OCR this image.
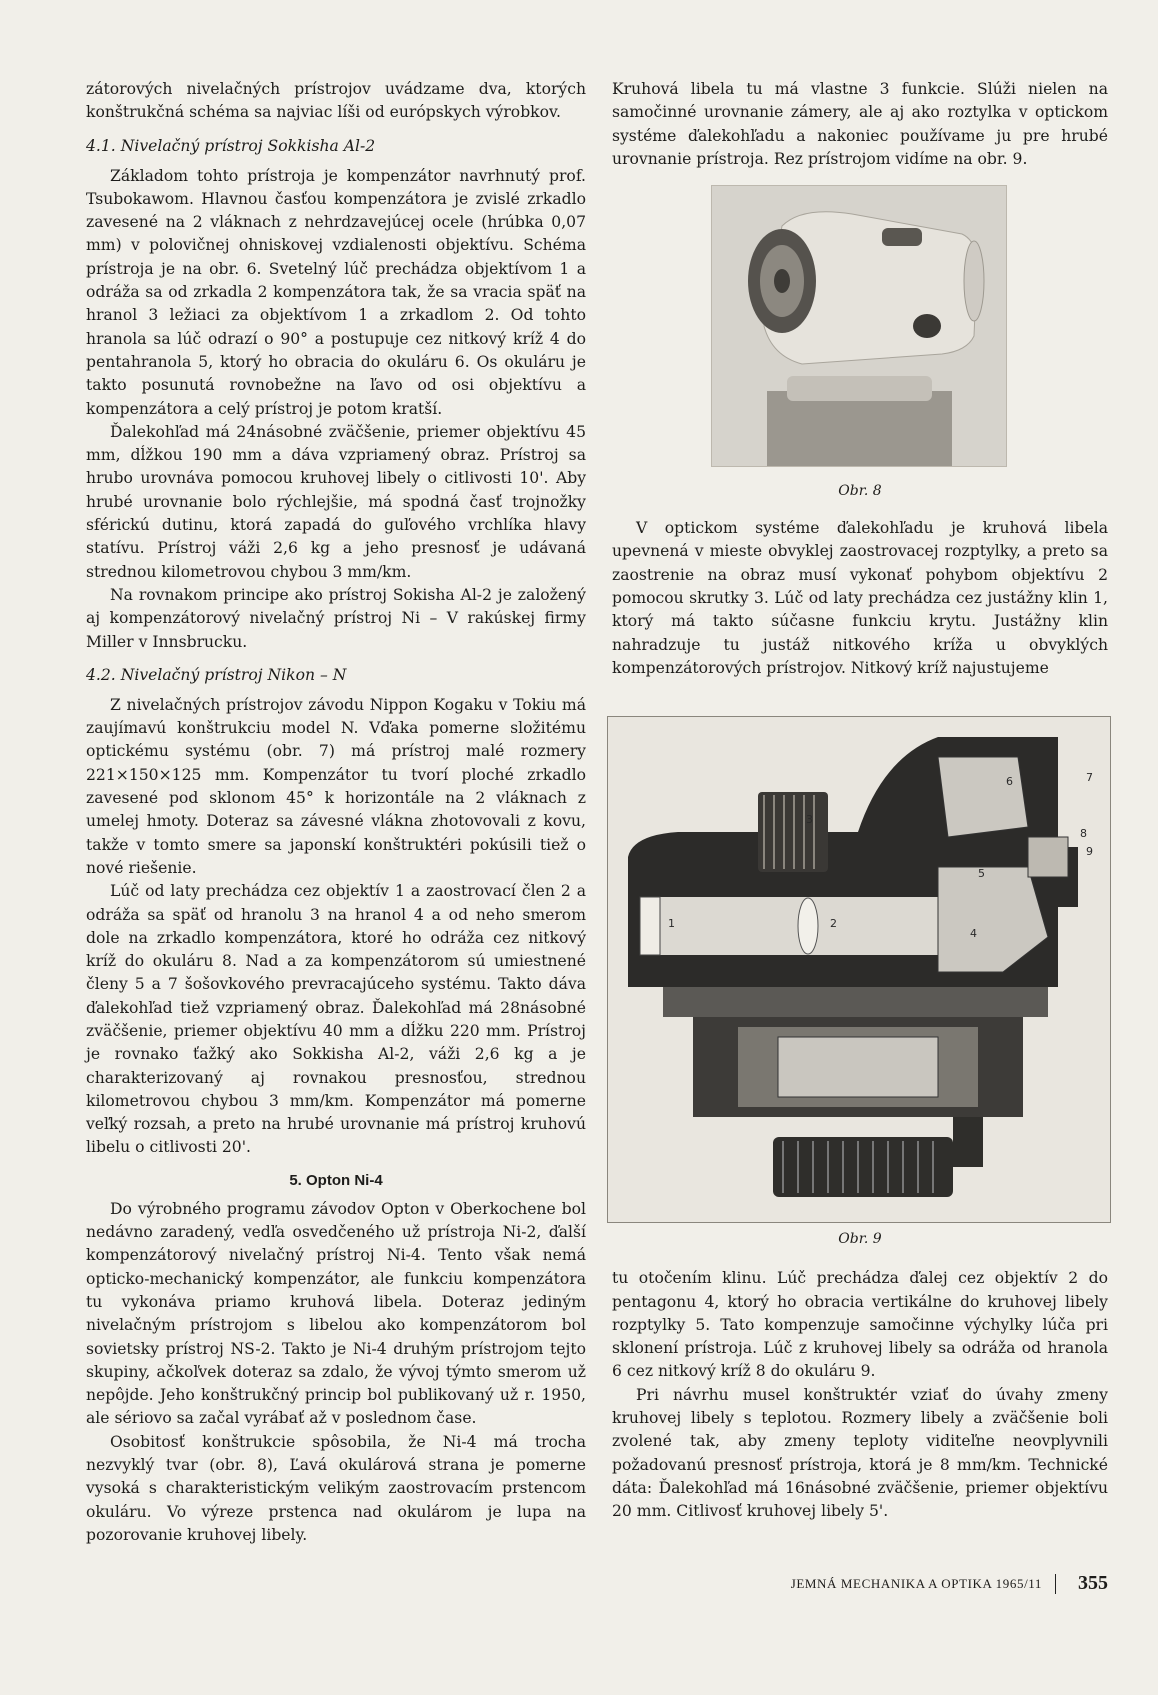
zátorových nivelačných prístrojov uvádzame dva, ktorých konštrukčná schéma sa najviac líši od európskych výrobkov.

4.1. Nivelačný prístroj Sokkisha Al-2

Základom tohto prístroja je kompenzátor navrhnutý prof. Tsubokawom. Hlavnou časťou kompenzátora je zvislé zrkadlo zavesené na 2 vláknach z nehrdzavejúcej ocele (hrúbka 0,07 mm) v polovičnej ohniskovej vzdialenosti objektívu. Schéma prístroja je na obr. 6. Svetelný lúč prechádza objektívom 1 a odráža sa od zrkadla 2 kompenzátora tak, že sa vracia späť na hranol 3 ležiaci za objektívom 1 a zrkadlom 2. Od tohto hranola sa lúč odrazí o 90° a postupuje cez nitkový kríž 4 do pentahranola 5, ktorý ho obracia do okuláru 6. Os okuláru je takto posunutá rovnobežne na ľavo od osi objektívu a kompenzátora a celý prístroj je potom kratší.

Ďalekohľad má 24násobné zväčšenie, priemer objektívu 45 mm, dĺžkou 190 mm a dáva vzpriamený obraz. Prístroj sa hrubo urovnáva pomocou kruhovej libely o citlivosti 10'. Aby hrubé urovnanie bolo rýchlejšie, má spodná časť trojnožky sférickú dutinu, ktorá zapadá do guľového vrchlíka hlavy statívu. Prístroj váži 2,6 kg a jeho presnosť je udávaná strednou kilometrovou chybou 3 mm/km.

Na rovnakom principe ako prístroj Sokisha Al-2 je založený aj kompenzátorový nivelačný prístroj Ni – V rakúskej firmy Miller v Innsbrucku.

4.2. Nivelačný prístroj Nikon – N

Z nivelačných prístrojov závodu Nippon Kogaku v Tokiu má zaujímavú konštrukciu model N. Vďaka pomerne složitému optickému systému (obr. 7) má prístroj malé rozmery 221×150×125 mm. Kompenzátor tu tvorí ploché zrkadlo zavesené pod sklonom 45° k horizontále na 2 vláknach z umelej hmoty. Doteraz sa závesné vlákna zhotovovali z kovu, takže v tomto smere sa japonskí konštruktéri pokúsili tiež o nové riešenie.

Lúč od laty prechádza cez objektív 1 a zaostrovací člen 2 a odráža sa späť od hranolu 3 na hranol 4 a od neho smerom dole na zrkadlo kompenzátora, ktoré ho odráža cez nitkový kríž do okuláru 8. Nad a za kompenzátorom sú umiestnené členy 5 a 7 šošovkového prevracajúceho systému. Takto dáva ďalekohľad tiež vzpriamený obraz. Ďalekohľad má 28násobné zväčšenie, priemer objektívu 40 mm a dĺžku 220 mm. Prístroj je rovnako ťažký ako Sokkisha Al-2, váži 2,6 kg a je charakterizovaný aj rovnakou presnosťou, strednou kilometrovou chybou 3 mm/km. Kompenzátor má pomerne veľký rozsah, a preto na hrubé urovnanie má prístroj kruhovú libelu o citlivosti 20'.

5. Opton Ni-4

Do výrobného programu závodov Opton v Oberkochene bol nedávno zaradený, vedľa osvedčeného už prístroja Ni-2, ďalší kompenzátorový nivelačný prístroj Ni-4. Tento však nemá opticko-mechanický kompenzátor, ale funkciu kompenzátora tu vykonáva priamo kruhová libela. Doteraz jediným nivelačným prístrojom s libelou ako kompenzátorom bol sovietsky prístroj NS-2. Takto je Ni-4 druhým prístrojom tejto skupiny, ačkoľvek doteraz sa zdalo, že vývoj týmto smerom už nepôjde. Jeho konštrukčný princip bol publikovaný už r. 1950, ale sériovo sa začal vyrábať až v poslednom čase.

Osobitosť konštrukcie spôsobila, že Ni-4 má trocha nezvyklý tvar (obr. 8), Ľavá okulárová strana je pomerne vysoká s charakteristickým velikým zaostrovacím prstencom okuláru. Vo výreze prstenca nad okulárom je lupa na pozorovanie kruhovej libely.

Kruhová libela tu má vlastne 3 funkcie. Slúži nielen na samočinné urovnanie zámery, ale aj ako roztylka v optickom systéme ďalekohľadu a nakoniec používame ju pre hrubé urovnanie prístroja. Rez prístrojom vidíme na obr. 9.

Obr. 8

V optickom systéme ďalekohľadu je kruhová libela upevnená v mieste obvyklej zaostrovacej rozptylky, a preto sa zaostrenie na obraz musí vykonať pohybom objektívu 2 pomocou skrutky 3. Lúč od laty prechádza cez justážny klin 1, ktorý má takto súčasne funkciu krytu. Justážny klin nahradzuje tu justáž nitkového kríža u obvyklých kompenzátorových prístrojov. Nitkový kríž najustujeme

1	2
3
4
5
6	7
8
9
Obr. 9

tu otočením klinu. Lúč prechádza ďalej cez objektív 2 do pentagonu 4, ktorý ho obracia vertikálne do kruhovej libely rozptylky 5. Tato kompenzuje samočinne výchylky lúča pri sklonení prístroja. Lúč z kruhovej libely sa odráža od hranola 6 cez nitkový kríž 8 do okuláru 9.

Pri návrhu musel konštruktér vziať do úvahy zmeny kruhovej libely s teplotou. Rozmery libely a zväčšenie boli zvolené tak, aby zmeny teploty viditeľne neovplyvnili požadovanú presnosť prístroja, ktorá je 8 mm/km. Technické dáta: Ďalekohľad má 16násobné zväčšenie, priemer objektívu 20 mm. Citlivosť kruhovej libely 5'.

JEMNÁ MECHANIKA A OPTIKA 1965/11 355
